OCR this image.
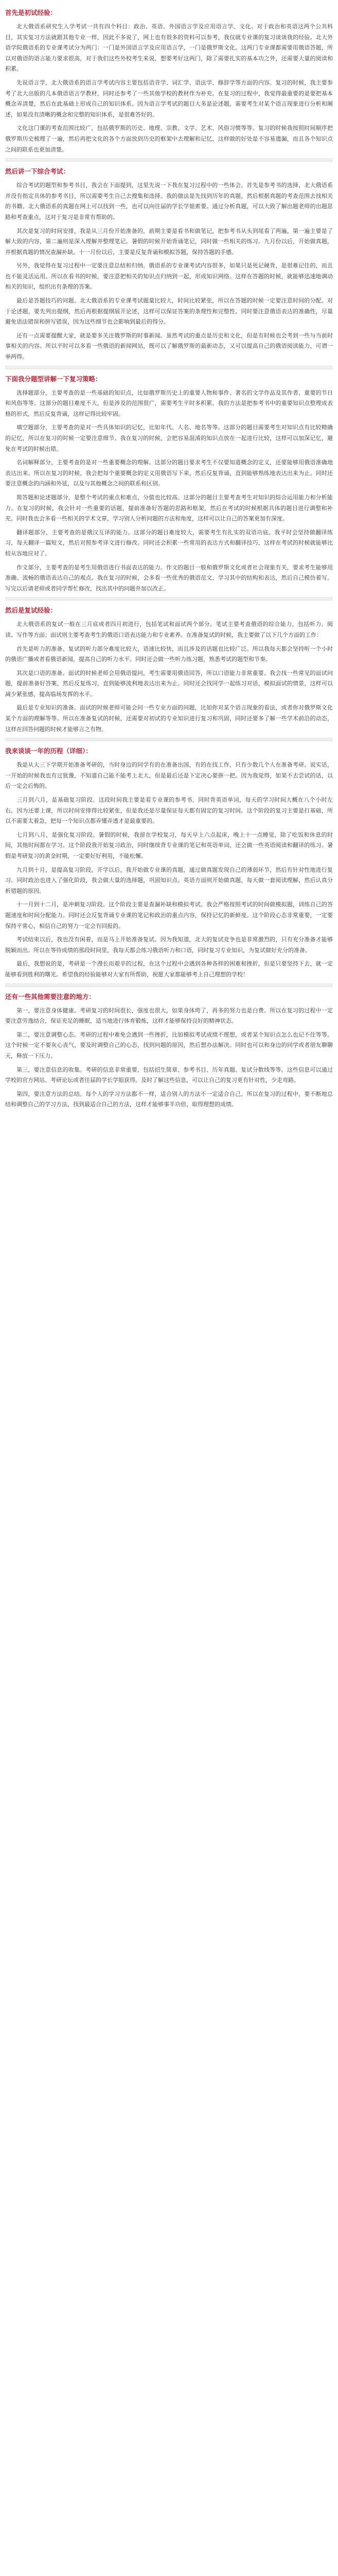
首先是初试经验：

北大俄语系研究生入学考试一共有四个科目：政治、英语、外国语言学及应用语言学、文化。对于政治和英语这两个公共科目，其实复习方法就跟其他专业一样，因此不多说了，网上也有很多的资料可以参考，我仅就专业课的复习谈谈我的经验。北大外语学院俄语系的专业课考试分为两门：一门是外国语言学及应用语言学，一门是俄罗斯文化。这两门专业课都需要用俄语答题，所以对俄语的语言能力要求很高，对于我们这些外校考生来说，想要考好这两门，除了需要扎实的基本功之外，还需要大量的阅读和积累。

先说语言学，北大俄语系的语言学考试内容主要包括语音学、词汇学、语法学、修辞学等方面的内容。复习的时候，我主要参考了北大出版的几本俄语语言学教材，同时还参考了一些其他学校的教材作为补充。在复习的过程中，我觉得最重要的是要把基本概念弄清楚，然后在此基础上形成自己的知识体系。因为语言学考试的题目大多是论述题，需要考生对某个语言现象进行分析和阐述，如果没有清晰的概念和完整的知识体系，是很难答好的。

文化这门课的考查范围比较广，包括俄罗斯的历史、地理、宗教、文学、艺术、风俗习惯等等。复习的时候我按照时间顺序把俄罗斯历史梳理了一遍，然后再把文化的各个方面放到历史的框架中去理解和记忆，这样做的好处是不容易遗漏，而且各个知识点之间的联系也更加清楚。

然后讲一下综合考试：

综合考试的题型和参考书目，我会在下面提到，这里先说一下我在复习过程中的一些体会。首先是参考书的选择，北大俄语系并没有指定具体的参考书目，所以需要考生自己去搜集和选择。我的做法是先找到历年的真题，然后根据真题的考查范围去找相关的书籍。北大俄语系的真题在网上可以找到一些，也可以向往届的学长学姐索要。通过分析真题，可以大致了解出题老师的出题思路和考查重点，这对于复习是非常有帮助的。

其次是复习的时间安排，我是从三月份开始准备的，前期主要是看书和做笔记，把参考书从头到尾看了两遍，第一遍主要是了解大致的内容，第二遍则是深入理解并整理笔记。暑假的时候开始背诵笔记，同时做一些相关的练习。九月份以后，开始做真题，并根据真题的情况查漏补缺。十一月份以后，主要是反复背诵和模拟答题，保持答题的手感。

另外，我觉得在复习过程中一定要注意总结和归纳。俄语系的专业课考试内容很多，如果只是死记硬背，是很难记住的，而且也不能灵活运用。所以在看书的时候，要注意把相关的知识点归纳到一起，形成知识网络。这样在答题的时候，就能够迅速地调动相关的知识，组织出有条理的答案。

最后是答题技巧的问题。北大俄语系的专业课考试题量比较大，时间比较紧张，所以在答题的时候一定要注意时间的分配。对于论述题，要先列出提纲，然后再根据提纲展开论述，这样可以保证答案的条理性和完整性。同时要注意俄语表达的准确性，尽量避免语法错误和拼写错误，因为这些细节也会影响到最后的得分。

还有一点需要提醒大家，就是要多关注俄罗斯的时事新闻。虽然考试的重点是历史和文化，但是有时候也会考到一些与当前时事相关的内容。所以平时可以多看一些俄语的新闻网站，既可以了解俄罗斯的最新动态，又可以提高自己的俄语阅读能力，可谓一举两得。

下面我分题型讲解一下复习策略：

选择题部分，主要考查的是一些基础的知识点，比如俄罗斯历史上的重要人物和事件、著名的文学作品及其作者、重要的节日和风俗等等。这部分的题目难度不大，但是涉及的范围很广，需要考生平时多积累。我的方法是把参考书中的重要知识点整理成表格的形式，然后反复背诵，这样记得比较牢固。

填空题部分，主要考查的是对一些具体知识的记忆，比如年代、人名、地名等等。这部分的题目需要考生对知识点有比较精确的记忆，所以在复习的时候一定要注意细节。我在复习的时候，会把容易混淆的知识点放在一起进行比较，这样可以加深记忆，避免在考试的时候出错。

名词解释部分，主要考查的是对一些重要概念的理解。这部分的题目要求考生不仅要知道概念的定义，还要能够用俄语准确地表达出来。所以在复习的时候，我会把每个重要概念的定义用俄语写下来，然后反复背诵，直到能够熟练地表达出来为止。同时还要注意概念的内涵和外延，以及与其他概念之间的联系和区别。

简答题和论述题部分，是整个考试的重点和难点，分值也比较高。这部分的题目主要考查考生对知识的综合运用能力和分析能力。在复习的时候，我会针对一些重要的话题，提前准备好答题的思路和框架，然后在考试的时候根据具体的题目进行调整和补充。同时我也会多看一些相关的学术文章，学习别人分析问题的方法和角度，这样可以让自己的答案更加有深度。

翻译题部分，主要考查的是俄汉互译的能力。这部分的题目难度较大，需要考生有扎实的双语功底。我平时会坚持做翻译练习，每天翻译一篇短文，然后对照参考译文进行修改。同时还会积累一些常用的表达方式和翻译技巧，这样在考试的时候就能够比较从容地应对了。

作文部分，主要考查的是考生用俄语进行书面表达的能力。作文的题目一般和俄罗斯文化或者社会现象有关，要求考生能够用准确、流畅的俄语表达自己的观点。我在复习的时候，会多看一些优秀的俄语范文，学习其中的结构和表达，然后自己模仿着写。写完以后请老师或者同学帮忙修改，找出其中的问题并加以改正。

然后是复试经验：

北大俄语系的复试一般在三月底或者四月初进行，包括笔试和面试两个部分。笔试主要考查俄语的综合能力，包括听力、阅读、写作等方面；面试则主要考查考生的俄语口语表达能力和专业素养。在准备复试的时候，我主要做了以下几个方面的工作：

首先是听力的准备。复试的听力部分难度比较大，语速比较快，而且涉及的话题也比较广泛。所以我每天都会坚持听一个小时的俄语广播或者看俄语新闻，提高自己的听力水平。同时还会做一些听力练习题，熟悉考试的题型和节奏。

其次是口语的准备。面试的时候老师会用俄语提问，考生需要用俄语回答，所以口语能力非常重要。我会找一些常见的面试问题，提前准备好答案，然后反复练习，直到能够流利地表达出来为止。同时还会找同学一起练习对话，模拟面试的情景，这样可以减少紧张感，提高临场发挥的水平。

最后是专业知识的准备。面试的时候老师可能会问一些专业方面的问题，比如你对某个语言现象的看法，或者你对俄罗斯文化某个方面的理解等等。所以在准备复试的时候，还需要对初试的专业知识进行复习和巩固，同时还要多了解一些学术前沿的动态，这样在回答问题的时候才能够言之有物。

我来谈谈一年的历程（详细）：

我是从大三下学期开始准备考研的，当时身边的同学有的在准备出国，有的在找工作，只有少数几个人在准备考研。说实话，一开始的时候我也有过犹豫，不知道自己能不能考上北大，但是最后还是下定决心要拼一把。因为我觉得，如果不去尝试的话，以后一定会后悔的。

三月到六月，是基础复习阶段。这段时间我主要是看专业课的参考书，同时背英语单词，每天的学习时间大概在八个小时左右。因为还要上课，所以时间安排得比较紧张，但是我还是尽量保证每天都有固定的复习时间。这个阶段的复习主要是打基础，所以不需要太着急，把每一个知识点都弄懂弄透才是最重要的。

七月到八月，是强化复习阶段。暑假的时候，我留在学校复习，每天早上六点起床，晚上十一点睡觉，除了吃饭和休息的时间，其他时间都在学习。这个阶段我开始复习政治，同时继续背专业课的笔记和英语单词，还会做一些英语阅读和翻译的练习。暑假是考研复习的黄金时期，一定要好好利用，不能松懈。

九月到十月，是提高复习阶段。开学以后，我开始做专业课的真题，通过做真题发现自己的薄弱环节，然后有针对性地进行复习。同时政治也进入了强化阶段，我会做大量的选择题，巩固知识点。英语方面则开始做真题，每天做一套阅读理解，然后认真分析错题的原因。

十一月到十二月，是冲刺复习阶段。这个阶段主要是查漏补缺和模拟考试。我会严格按照考试的时间做模拟题，训练自己的答题速度和时间分配能力。同时还会反复背诵专业课的笔记和政治的重点内容，保持记忆的新鲜度。这个阶段心态非常重要，一定要保持平常心，相信自己的努力一定会有回报的。

考试结束以后，我也没有闲着，而是马上开始准备复试。因为我知道，北大的复试竞争也是非常激烈的，只有充分准备才能够脱颖而出。所以在等待成绩的那段时间里，我每天都会练习俄语听力和口语，同时复习专业知识，为复试做好充分的准备。

最后，我想说的是，考研是一个漫长而艰辛的过程，在这个过程中会遇到各种各样的困难和挫折，但是只要坚持下去，就一定能够看到胜利的曙光。希望我的经验能够对大家有所帮助，祝愿大家都能够考上自己理想的学校！

还有一些其他需要注意的地方：

第一，要注意身体健康。考研复习的时间很长，强度也很大，如果身体垮了，再多的努力也是白费。所以在复习的过程中一定要注意劳逸结合，保证充足的睡眠，适当地进行体育锻炼，这样才能够保持良好的精神状态。

第二，要注意调整心态。考研的过程中难免会遇到一些挫折，比如模拟考试成绩不理想，或者某个知识点怎么也记不住等等。这个时候一定不要灰心丧气，要及时调整自己的心态，找到问题的原因，然后想办法解决。同时也可以和身边的同学或者朋友聊聊天，释放一下压力。

第三，要注意信息的收集。考研的信息非常重要，包括招生简章、参考书目、历年真题、复试分数线等等。这些信息可以通过学校的官方网站、考研论坛或者往届的学长学姐获得。及时了解这些信息，可以让自己的复习更有针对性，少走弯路。

第四，要注意方法的总结。每个人的学习方法都不一样，适合别人的方法不一定适合自己。所以在复习的过程中，要不断地总结和调整自己的学习方法，找到最适合自己的方法，这样才能够事半功倍，取得理想的成绩。
